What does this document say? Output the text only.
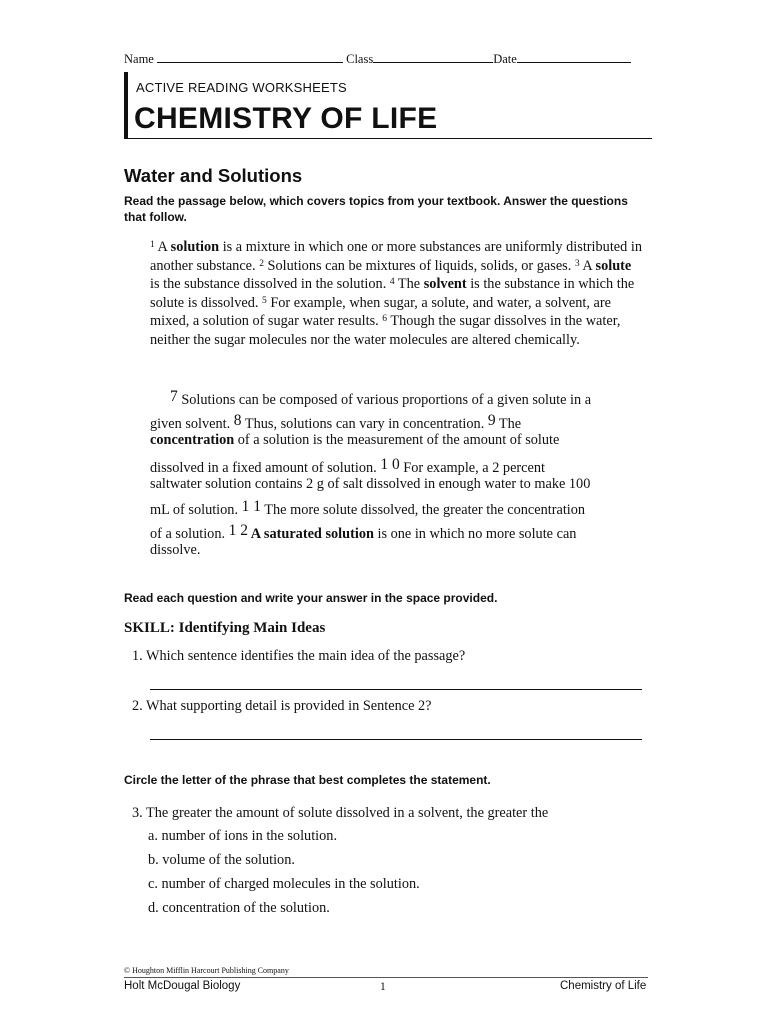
Name	Class	Date
ACTIVE READING WORKSHEETS
CHEMISTRY OF LIFE
Water and Solutions
Read the passage below, which covers topics from your textbook. Answer the questions that follow.
$^1$ A solution is a mixture in which one or more substances are uniformly distributed in another substance. $^2$ Solutions can be mixtures of liquids, solids, or gases. $^3$ A solute is the substance dissolved in the solution. $^4$ The solvent is the substance in which the solute is dissolved. $^5$ For example, when sugar, a solute, and water, a solvent, are mixed, a solution of sugar water results. $^6$ Though the sugar dissolves in the water, neither the sugar molecules nor the water molecules are altered chemically.
7 Solutions can be composed of various proportions of a given solute in a
given solvent. 8 Thus, solutions can vary in concentration. 9 The
concentration of a solution is the measurement of the amount of solute
dissolved in a fixed amount of solution. 1 0 For example, a 2 percent
saltwater solution contains 2 g of salt dissolved in enough water to make 100
mL of solution. 1 1 The more solute dissolved, the greater the concentration
of a solution. 1 2 A saturated solution is one in which no more solute can
dissolve.
Read each question and write your answer in the space provided.
SKILL: Identifying Main Ideas
1. Which sentence identifies the main idea of the passage?
2. What supporting detail is provided in Sentence 2?
Circle the letter of the phrase that best completes the statement.
3. The greater the amount of solute dissolved in a solvent, the greater the
a. number of ions in the solution.
b. volume of the solution.
c. number of charged molecules in the solution.
d. concentration of the solution.
© Houghton Mifflin Harcourt Publishing Company
Holt McDougal Biology	1	Chemistry of Life
